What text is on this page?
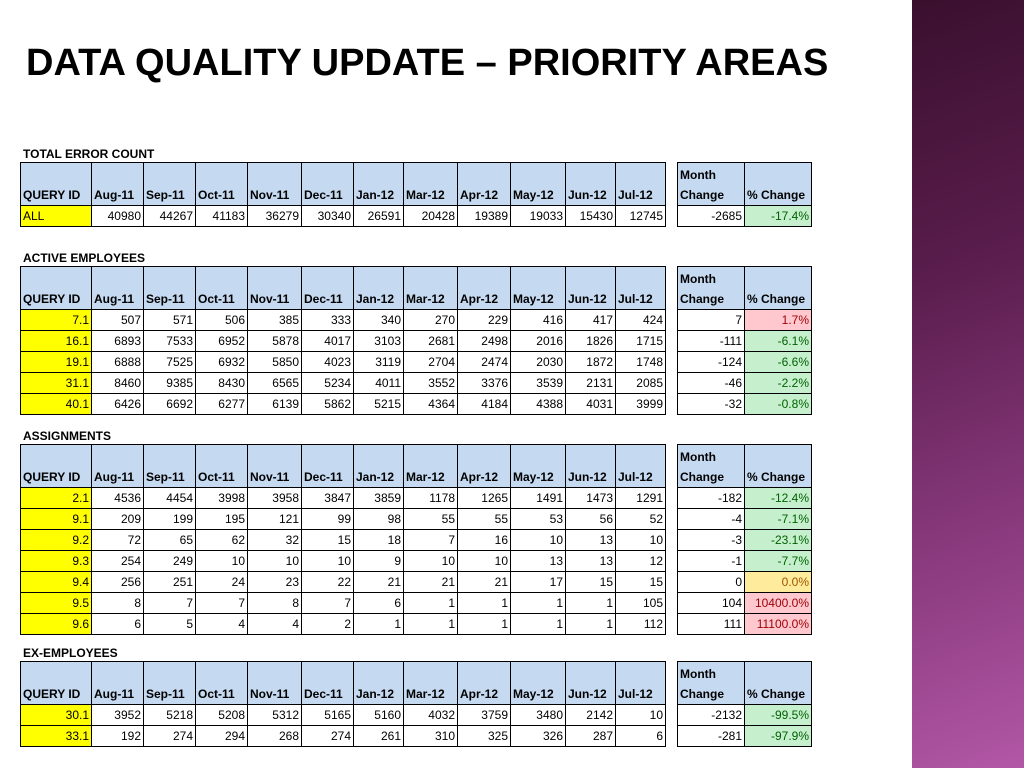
DATA QUALITY UPDATE – PRIORITY AREAS
TOTAL ERROR COUNT
QUERY ID	Aug-11	Sep-11	Oct-11	Nov-11	Dec-11	Jan-12	Mar-12	Apr-12	May-12	Jun-12	Jul-12		Month Change	% Change
ALL	40980	44267	41183	36279	30340	26591	20428	19389	19033	15430	12745		-2685	-17.4%
ACTIVE EMPLOYEES
QUERY ID	Aug-11	Sep-11	Oct-11	Nov-11	Dec-11	Jan-12	Mar-12	Apr-12	May-12	Jun-12	Jul-12		Month Change	% Change
7.1	507	571	506	385	333	340	270	229	416	417	424		7	1.7%
16.1	6893	7533	6952	5878	4017	3103	2681	2498	2016	1826	1715		-111	-6.1%
19.1	6888	7525	6932	5850	4023	3119	2704	2474	2030	1872	1748		-124	-6.6%
31.1	8460	9385	8430	6565	5234	4011	3552	3376	3539	2131	2085		-46	-2.2%
40.1	6426	6692	6277	6139	5862	5215	4364	4184	4388	4031	3999		-32	-0.8%
ASSIGNMENTS
QUERY ID	Aug-11	Sep-11	Oct-11	Nov-11	Dec-11	Jan-12	Mar-12	Apr-12	May-12	Jun-12	Jul-12		Month Change	% Change
2.1	4536	4454	3998	3958	3847	3859	1178	1265	1491	1473	1291		-182	-12.4%
9.1	209	199	195	121	99	98	55	55	53	56	52		-4	-7.1%
9.2	72	65	62	32	15	18	7	16	10	13	10		-3	-23.1%
9.3	254	249	10	10	10	9	10	10	13	13	12		-1	-7.7%
9.4	256	251	24	23	22	21	21	21	17	15	15		0	0.0%
9.5	8	7	7	8	7	6	1	1	1	1	105		104	10400.0%
9.6	6	5	4	4	2	1	1	1	1	1	112		111	11100.0%
EX-EMPLOYEES
QUERY ID	Aug-11	Sep-11	Oct-11	Nov-11	Dec-11	Jan-12	Mar-12	Apr-12	May-12	Jun-12	Jul-12		Month Change	% Change
30.1	3952	5218	5208	5312	5165	5160	4032	3759	3480	2142	10		-2132	-99.5%
33.1	192	274	294	268	274	261	310	325	326	287	6		-281	-97.9%
